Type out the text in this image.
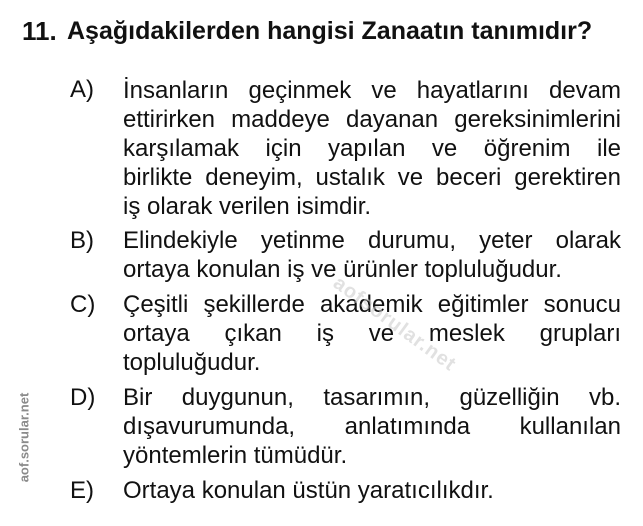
11. Aşağıdakilerden hangisi Zanaatın tanımıdır?
A) İnsanların geçinmek ve hayatlarını devam
ettirirken maddeye dayanan gereksinimlerini
karşılamak için yapılan ve öğrenim ile
birlikte deneyim, ustalık ve beceri gerektiren
iş olarak verilen isimdir.
B) Elindekiyle yetinme durumu, yeter olarak
ortaya konulan iş ve ürünler topluluğudur.
C) Çeşitli şekillerde akademik eğitimler sonucu
ortaya çıkan iş ve meslek grupları
topluluğudur.
D) Bir duygunun, tasarımın, güzelliğin vb.
dışavurumunda, anlatımında kullanılan
yöntemlerin tümüdür.
E) Ortaya konulan üstün yaratıcılıkdır.
aofsorular.net
aof.sorular.net
